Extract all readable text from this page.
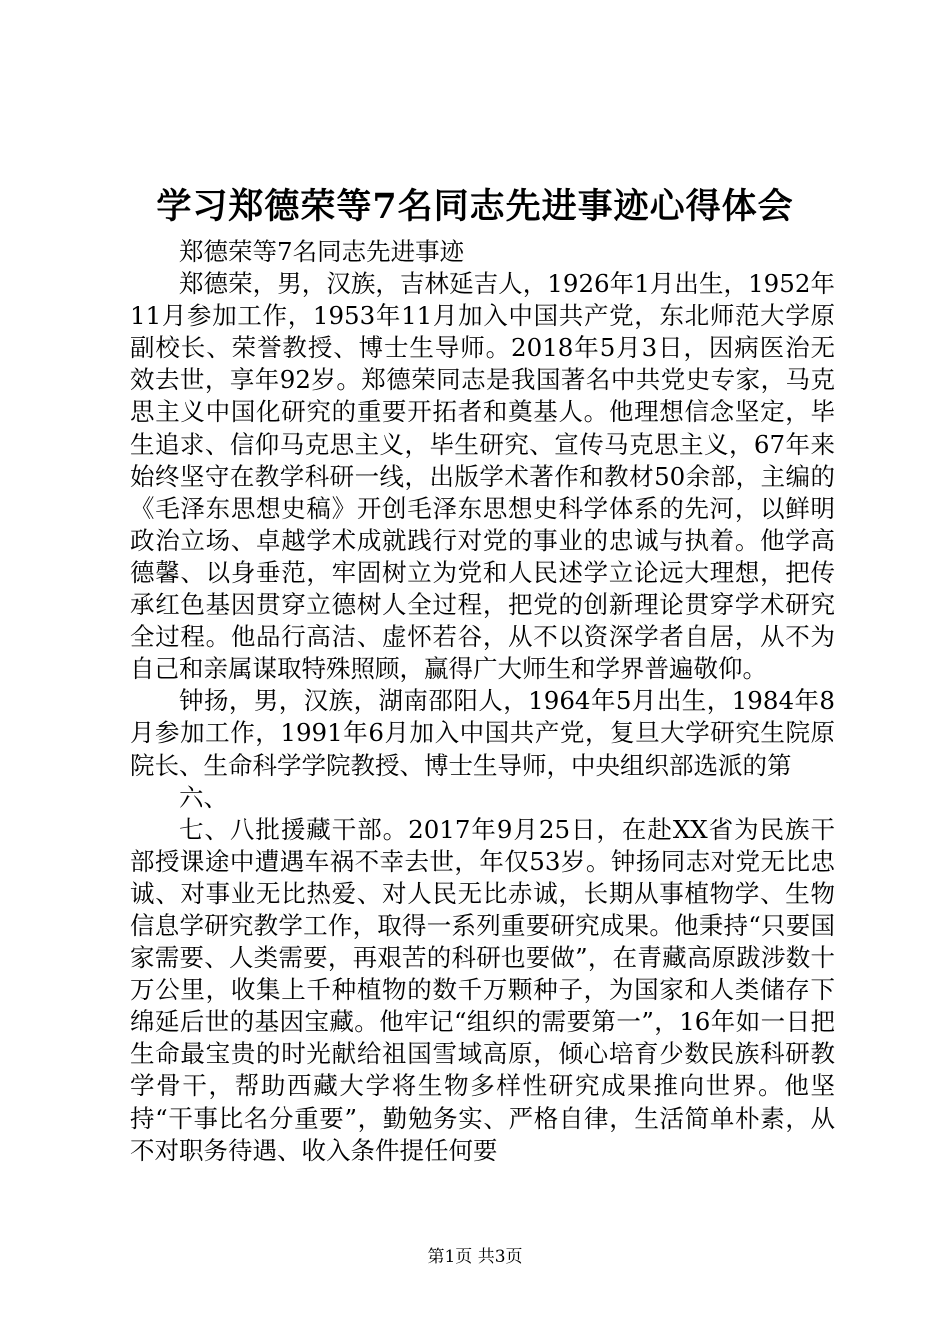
学习郑德荣等7名同志先进事迹心得体会

郑德荣等7名同志先进事迹

郑德荣，男，汉族，吉林延吉人，1926年1月出生，1952年11月参加工作，1953年11月加入中国共产党，东北师范大学原副校长、荣誉教授、博士生导师。2018年5月3日，因病医治无效去世，享年92岁。郑德荣同志是我国著名中共党史专家，马克思主义中国化研究的重要开拓者和奠基人。他理想信念坚定，毕生追求、信仰马克思主义，毕生研究、宣传马克思主义，67年来始终坚守在教学科研一线，出版学术著作和教材50余部，主编的《毛泽东思想史稿》开创毛泽东思想史科学体系的先河，以鲜明政治立场、卓越学术成就践行对党的事业的忠诚与执着。他学高德馨、以身垂范，牢固树立为党和人民述学立论远大理想，把传承红色基因贯穿立德树人全过程，把党的创新理论贯穿学术研究全过程。他品行高洁、虚怀若谷，从不以资深学者自居，从不为自己和亲属谋取特殊照顾，赢得广大师生和学界普遍敬仰。

钟扬，男，汉族，湖南邵阳人，1964年5月出生，1984年8月参加工作，1991年6月加入中国共产党，复旦大学研究生院原院长、生命科学学院教授、博士生导师，中央组织部选派的第

六、

七、八批援藏干部。2017年9月25日，在赴XX省为民族干部授课途中遭遇车祸不幸去世，年仅53岁。钟扬同志对党无比忠诚、对事业无比热爱、对人民无比赤诚，长期从事植物学、生物信息学研究教学工作，取得一系列重要研究成果。他秉持“只要国家需要、人类需要，再艰苦的科研也要做”，在青藏高原跋涉数十万公里，收集上千种植物的数千万颗种子，为国家和人类储存下绵延后世的基因宝藏。他牢记“组织的需要第一”，16年如一日把生命最宝贵的时光献给祖国雪域高原，倾心培育少数民族科研教学骨干，帮助西藏大学将生物多样性研究成果推向世界。他坚持“干事比名分重要”，勤勉务实、严格自律，生活简单朴素，从不对职务待遇、收入条件提任何要

第1页 共3页
